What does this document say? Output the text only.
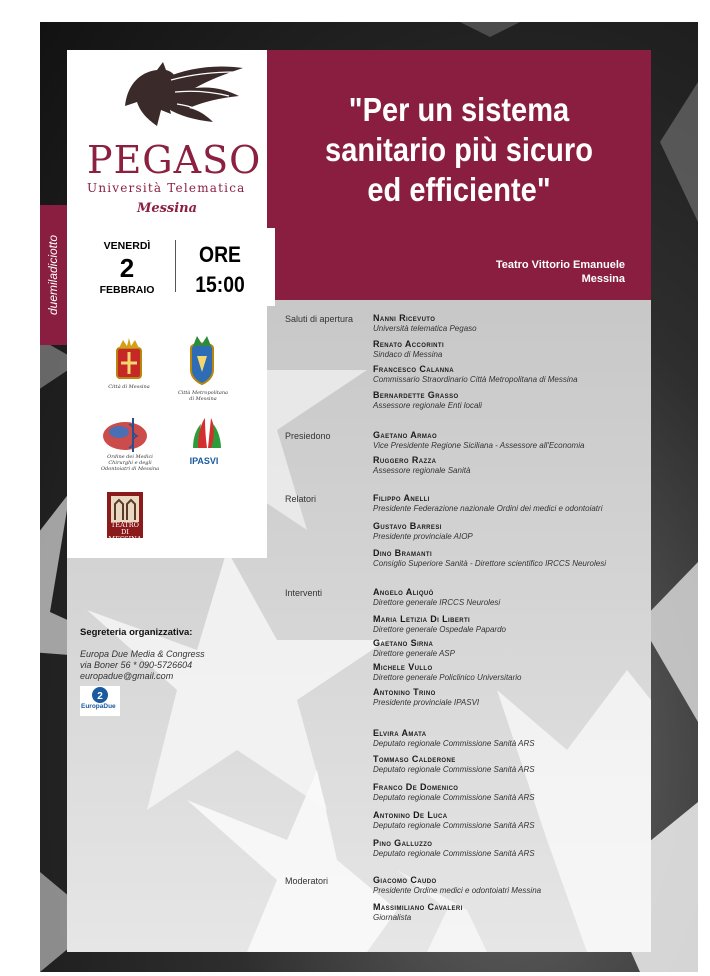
PEGASO
Università Telematica
Messina
"Per un sistema
sanitario più sicuro
ed efficiente"
Teatro Vittorio Emanuele
Messina
duemiladiciotto	VENERDÌ
2
FEBBRAIO
ORE
15:00
Città di Messina
Città Metropolitana di Messina
Ordine dei Medici Chirurghi e degli Odontoiatri di Messina
IPASVI
TEATRO DI MESSINA
Segreteria organizzativa:
Europa Due Media & Congress
via Boner 56 * 090-5726604
europadue@gmail.com
2
EuropaDue
Saluti di apertura Nanni Ricevuto
Università telematica Pegaso
Renato Accorinti
Sindaco di Messina
Francesco Calanna
Commissario Straordinario Città Metropolitana di Messina
Bernardette Grasso
Assessore regionale Enti locali
Presiedono	Gaetano Armao
Vice Presidente Regione Siciliana - Assessore all'Economia
Ruggero Razza
Assessore regionale Sanità
Relatori	Filippo Anelli
Presidente Federazione nazionale Ordini dei medici e odontoiatri
Gustavo Barresi
Presidente provinciale AIOP
Dino Bramanti
Consiglio Superiore Sanità - Direttore scientifico IRCCS Neurolesi
Interventi	Angelo Aliquò
Direttore generale IRCCS Neurolesi
Maria Letizia Di Liberti
Direttore generale Ospedale Papardo
Gaetano Sirna
Direttore generale ASP
Michele Vullo
Direttore generale Policlinico Universitario
Antonino Trino
Presidente provinciale IPASVI
Elvira Amata
Deputato regionale Commissione Sanità ARS
Tommaso Calderone
Deputato regionale Commissione Sanità ARS
Franco De Domenico
Deputato regionale Commissione Sanità ARS
Antonino De Luca
Deputato regionale Commissione Sanità ARS
Pino Galluzzo
Deputato regionale Commissione Sanità ARS
Moderatori	Giacomo Caudo
Presidente Ordine medici e odontoiatri Messina
Massimiliano Cavaleri
Giornalista
